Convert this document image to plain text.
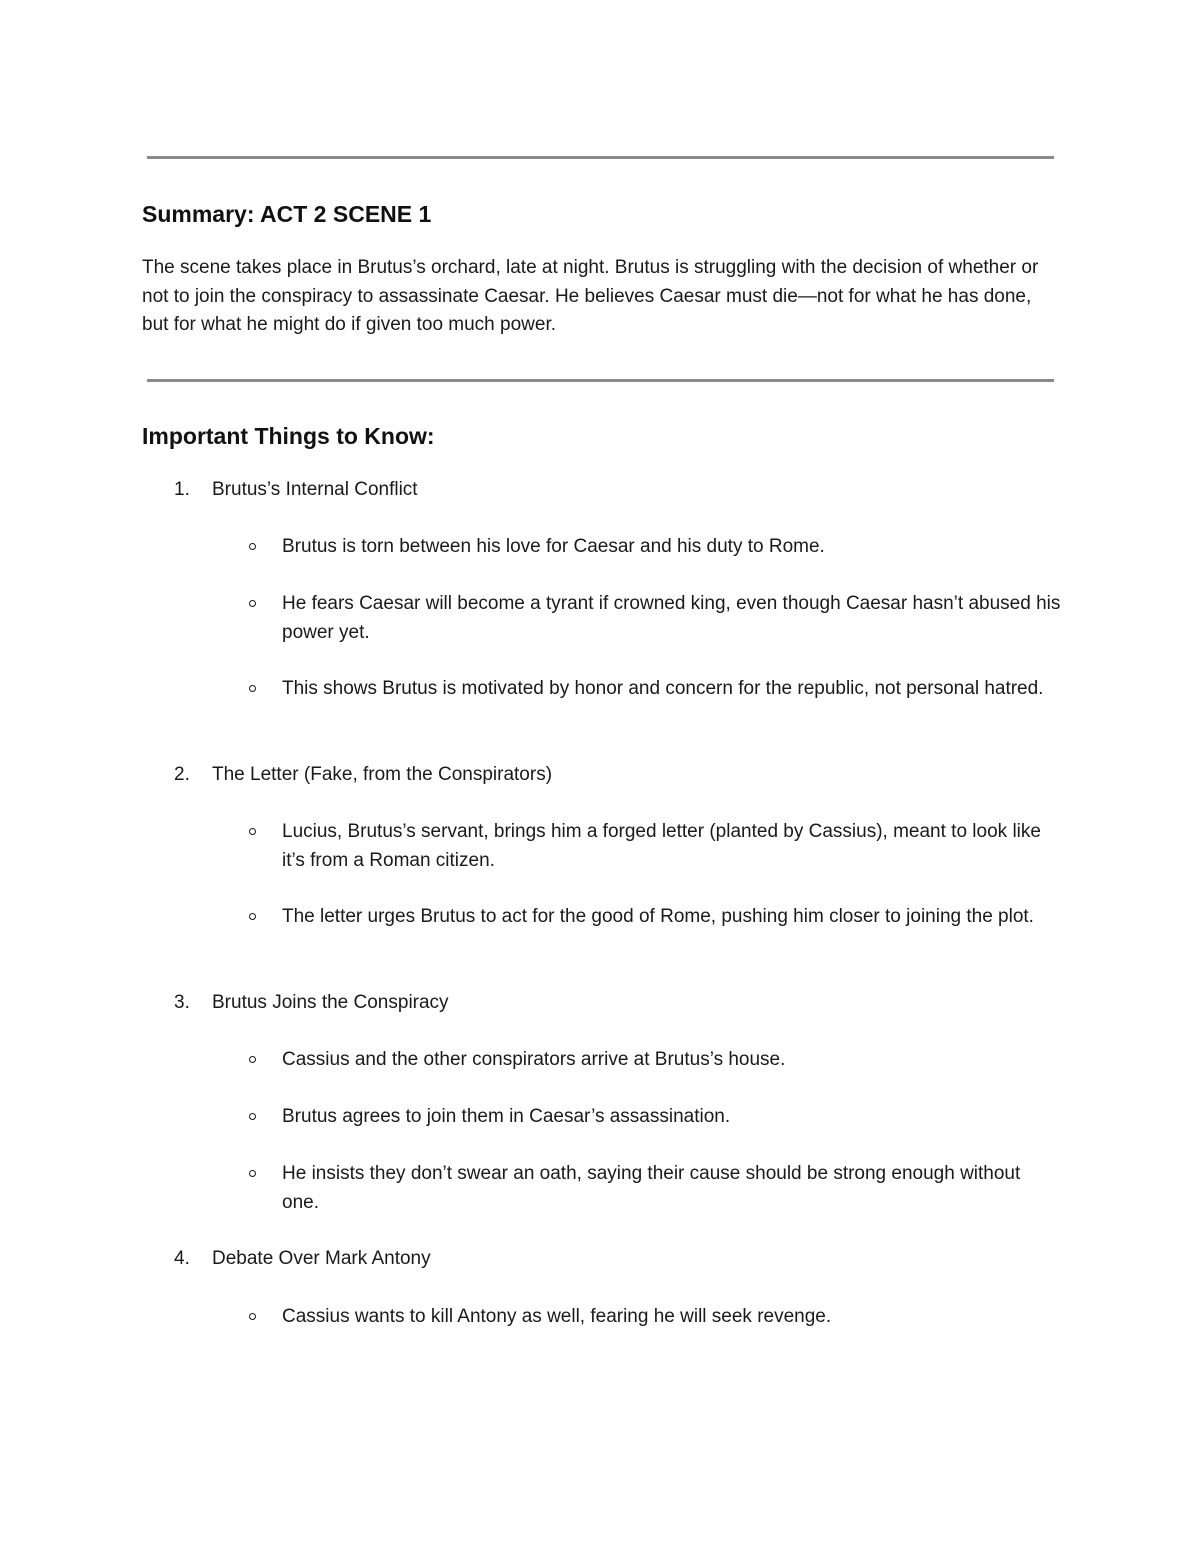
Summary: ACT 2 SCENE 1

The scene takes place in Brutus’s orchard, late at night. Brutus is struggling with the decision of whether or not to join the conspiracy to assassinate Caesar. He believes Caesar must die—not for what he has done, but for what he might do if given too much power.

Important Things to Know:
1. Brutus’s Internal Conflict
Brutus is torn between his love for Caesar and his duty to Rome.
He fears Caesar will become a tyrant if crowned king, even though Caesar hasn’t abused his power yet.
This shows Brutus is motivated by honor and concern for the republic, not personal hatred.
2. The Letter (Fake, from the Conspirators)
Lucius, Brutus’s servant, brings him a forged letter (planted by Cassius), meant to look like it’s from a Roman citizen.
The letter urges Brutus to act for the good of Rome, pushing him closer to joining the plot.
3. Brutus Joins the Conspiracy
Cassius and the other conspirators arrive at Brutus’s house.
Brutus agrees to join them in Caesar’s assassination.
He insists they don’t swear an oath, saying their cause should be strong enough without one.
4. Debate Over Mark Antony
Cassius wants to kill Antony as well, fearing he will seek revenge.
